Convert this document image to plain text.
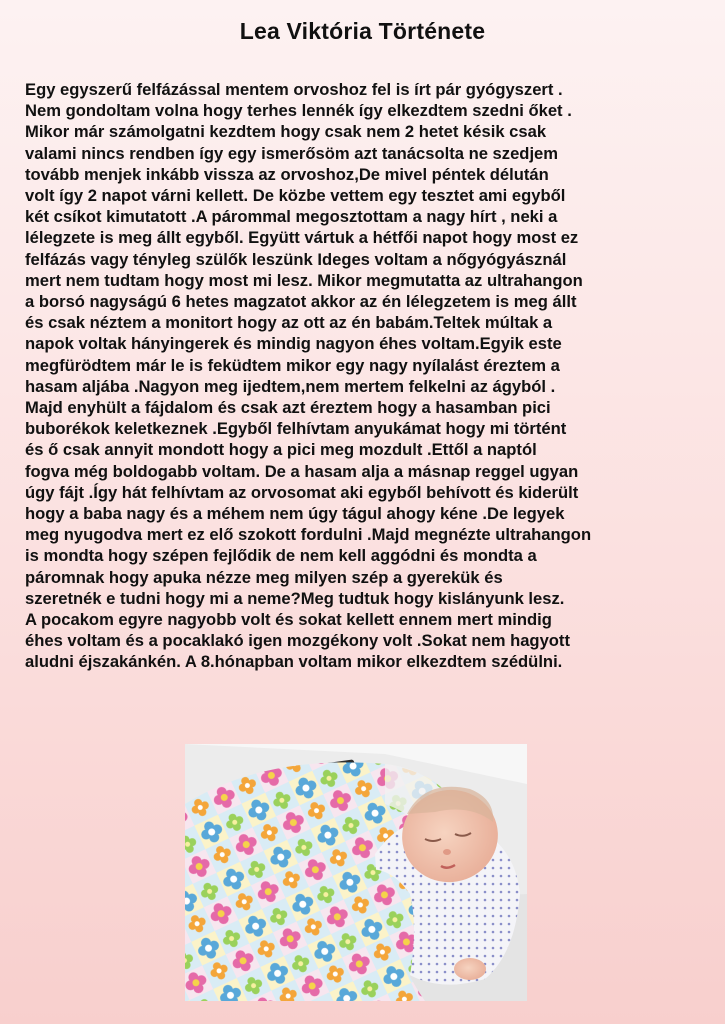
Lea Viktória Története
Egy egyszerű felfázással mentem orvoshoz fel is írt pár gyógyszert .
Nem gondoltam volna hogy terhes lennék így elkezdtem szedni őket .
Mikor már számolgatni kezdtem hogy csak nem 2 hetet késik csak
valami nincs rendben így egy ismerősöm azt tanácsolta ne szedjem
tovább menjek inkább vissza az orvoshoz,De mivel péntek délután
volt így 2 napot várni kellett. De közbe vettem egy tesztet ami egyből
két csíkot kimutatott .A párommal megosztottam a nagy hírt , neki a
lélegzete is meg állt egyből. Együtt vártuk a hétfői napot hogy most ez
felfázás vagy tényleg szülők leszünk Ideges voltam a nőgyógyásznál
mert nem tudtam hogy most mi lesz. Mikor megmutatta az ultrahangon
a borsó nagyságú 6 hetes magzatot akkor az én lélegzetem is meg állt
és csak néztem a monitort hogy az ott az én babám.Teltek múltak a
napok voltak hányingerek és mindig nagyon éhes voltam.Egyik este
megfürödtem már le is feküdtem mikor egy nagy nyílalást éreztem a
hasam aljába .Nagyon meg ijedtem,nem mertem felkelni az ágyból .
Majd enyhült a fájdalom és csak azt éreztem hogy a hasamban pici
buborékok keletkeznek .Egyből felhívtam anyukámat hogy mi történt
és ő csak annyit mondott hogy a pici meg mozdult .Ettől a naptól
fogva még boldogabb voltam. De a hasam alja a másnap reggel ugyan
úgy fájt .Így hát felhívtam az orvosomat aki egyből behívott és kiderült
hogy a baba nagy és a méhem nem úgy tágul ahogy kéne .De legyek
meg nyugodva mert ez elő szokott fordulni .Majd megnézte ultrahangon
is mondta hogy szépen fejlődik de nem kell aggódni és mondta a
páromnak hogy apuka nézze meg milyen szép a gyerekük és
szeretnék e tudni hogy mi a neme?Meg tudtuk hogy kislányunk lesz.
A pocakom egyre nagyobb volt és sokat kellett ennem mert mindig
éhes voltam és a pocaklakó igen mozgékony volt .Sokat nem hagyott
aludni éjszakánkén. A 8.hónapban voltam mikor elkezdtem szédülni.
